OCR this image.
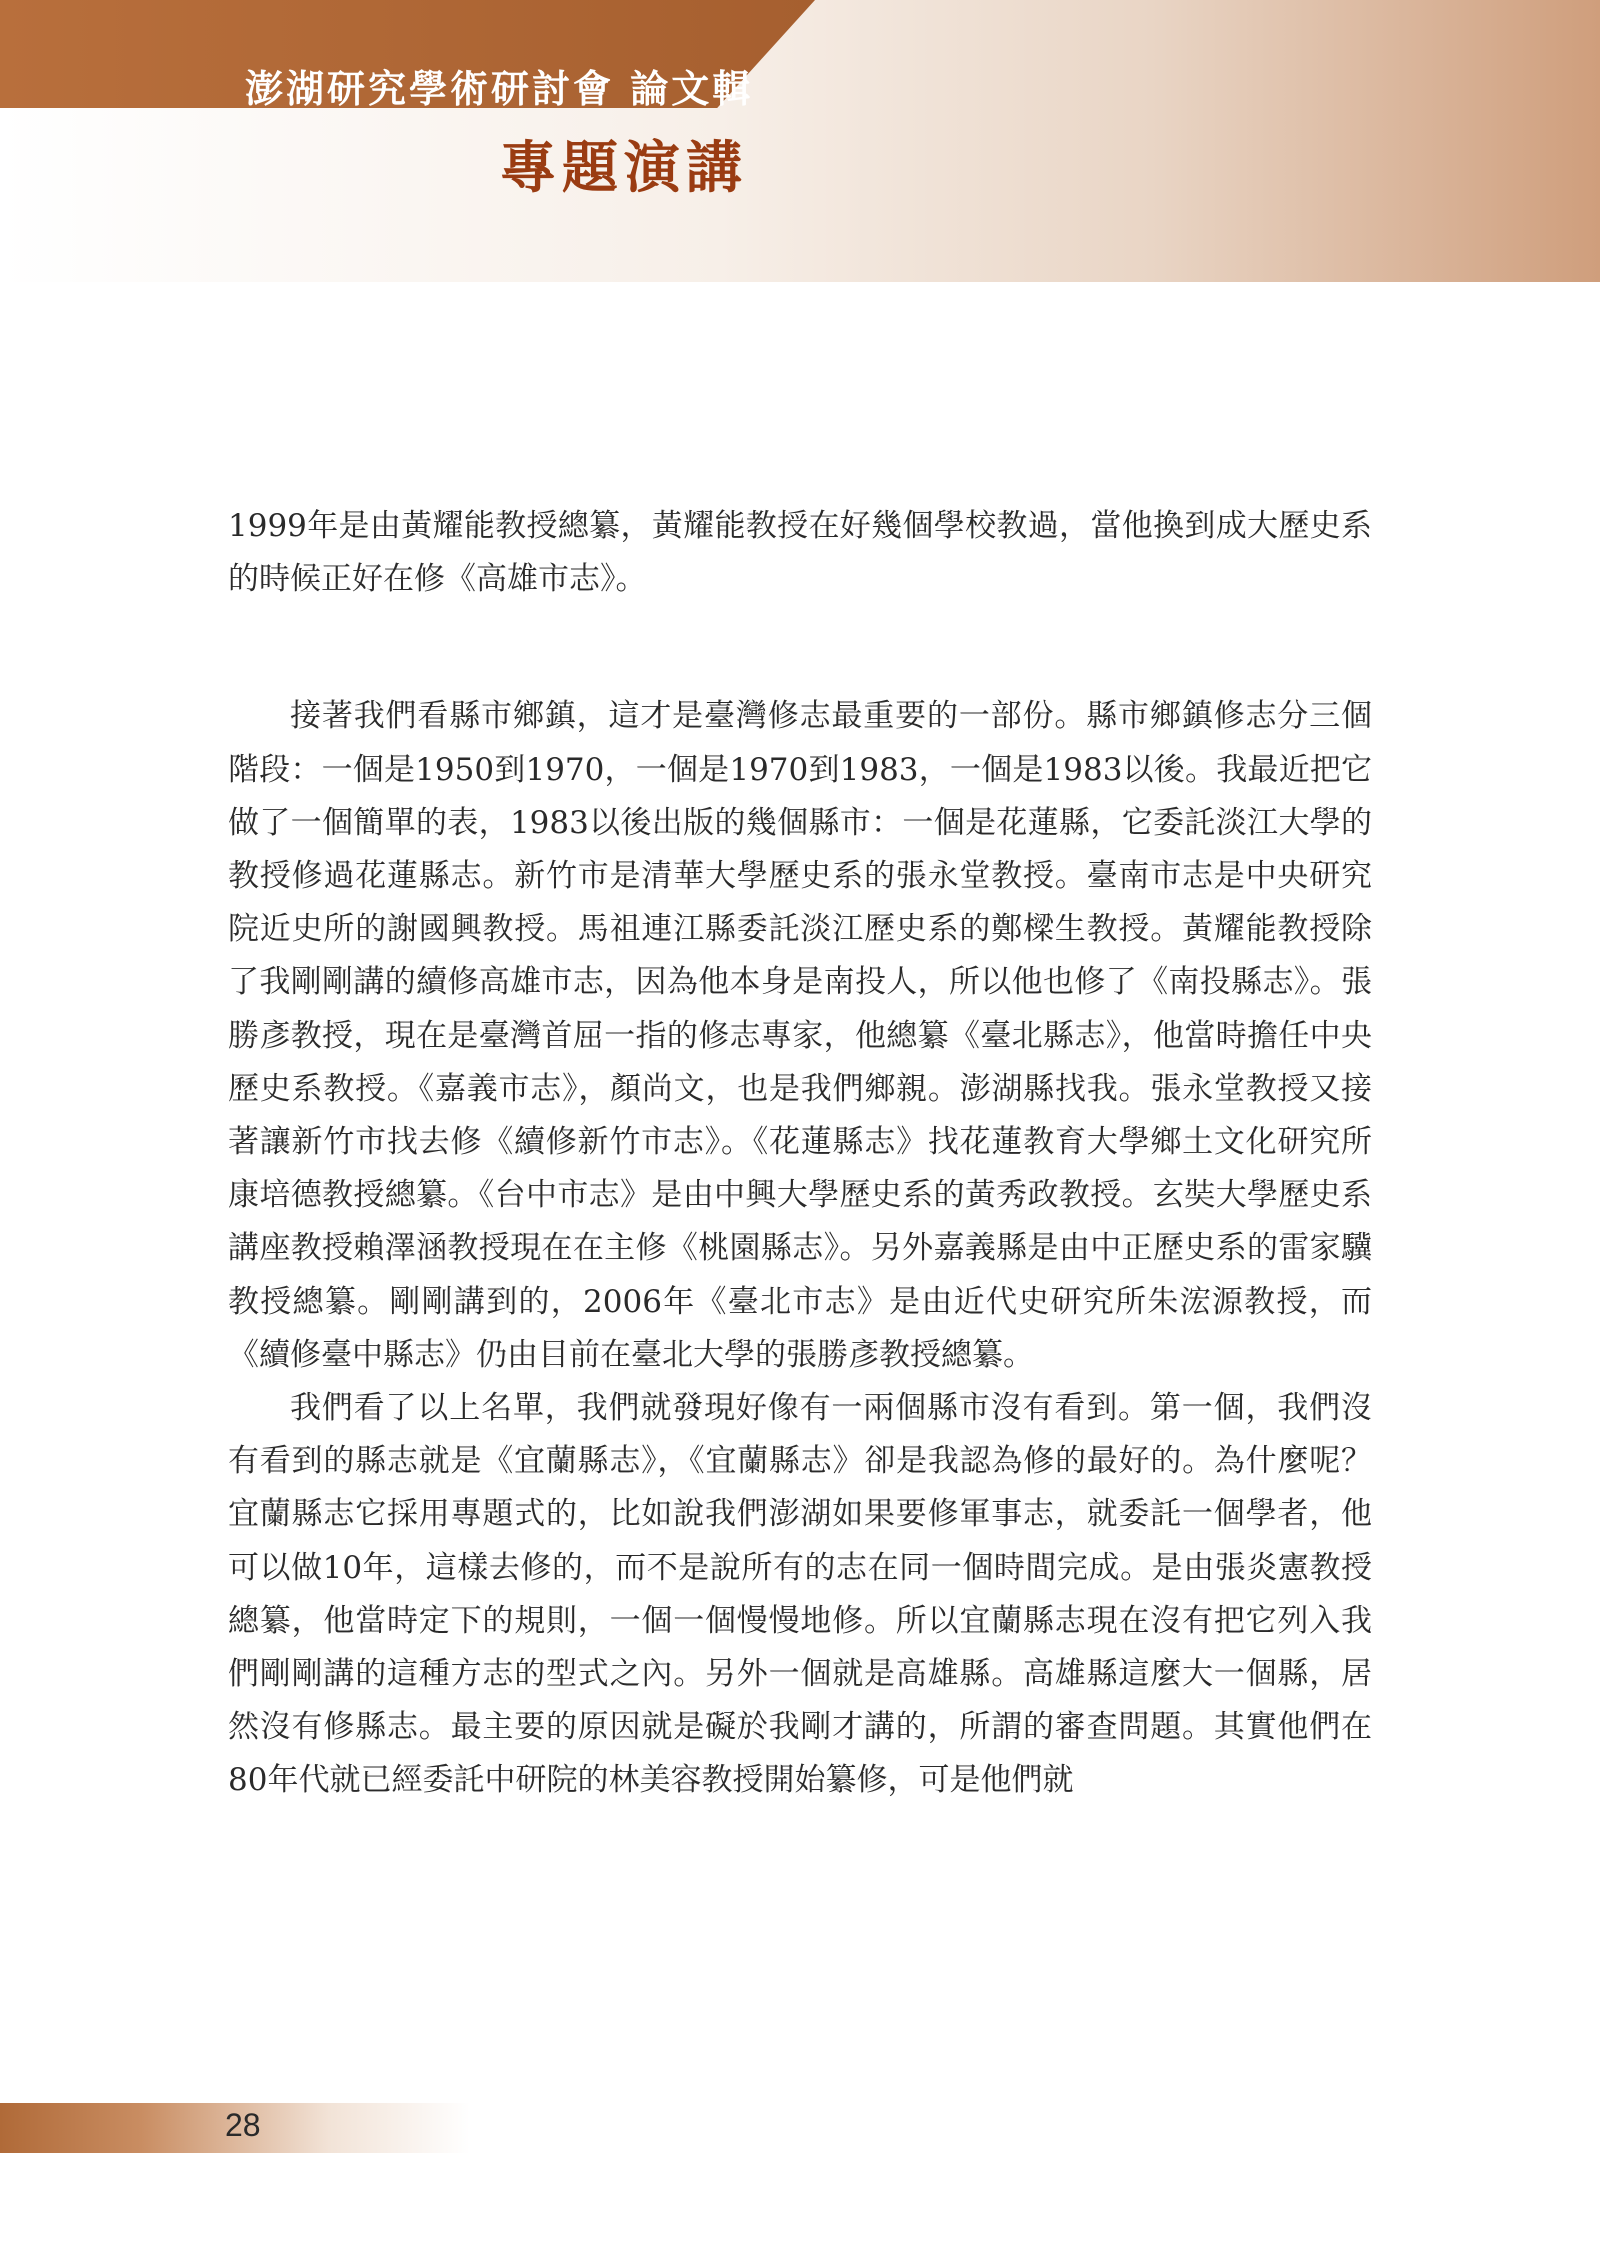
澎湖研究學術研討會 論文輯
專題演講

1999年是由黃耀能教授總纂，黃耀能教授在好幾個學校教過，當他換到成大歷史系的時候正好在修《高雄市志》。

接著我們看縣市鄉鎮，這才是臺灣修志最重要的一部份。縣市鄉鎮修志分三個階段：一個是1950到1970，一個是1970到1983，一個是1983以後。我最近把它做了一個簡單的表，1983以後出版的幾個縣市：一個是花蓮縣，它委託淡江大學的教授修過花蓮縣志。新竹市是清華大學歷史系的張永堂教授。臺南市志是中央研究院近史所的謝國興教授。馬祖連江縣委託淡江歷史系的鄭樑生教授。黃耀能教授除了我剛剛講的續修高雄市志，因為他本身是南投人，所以他也修了《南投縣志》。張勝彥教授，現在是臺灣首屈一指的修志專家，他總纂《臺北縣志》，他當時擔任中央歷史系教授。《嘉義市志》，顏尚文，也是我們鄉親。澎湖縣找我。張永堂教授又接著讓新竹市找去修《續修新竹市志》。《花蓮縣志》找花蓮教育大學鄉土文化研究所康培德教授總纂。《台中市志》是由中興大學歷史系的黃秀政教授。玄奘大學歷史系講座教授賴澤涵教授現在在主修《桃園縣志》。另外嘉義縣是由中正歷史系的雷家驥教授總纂。剛剛講到的，2006年《臺北市志》是由近代史研究所朱浤源教授，而《續修臺中縣志》仍由目前在臺北大學的張勝彥教授總纂。

我們看了以上名單，我們就發現好像有一兩個縣市沒有看到。第一個，我們沒有看到的縣志就是《宜蘭縣志》，《宜蘭縣志》卻是我認為修的最好的。為什麼呢？宜蘭縣志它採用專題式的，比如說我們澎湖如果要修軍事志，就委託一個學者，他可以做10年，這樣去修的，而不是說所有的志在同一個時間完成。是由張炎憲教授總纂，他當時定下的規則，一個一個慢慢地修。所以宜蘭縣志現在沒有把它列入我們剛剛講的這種方志的型式之內。另外一個就是高雄縣。高雄縣這麼大一個縣，居然沒有修縣志。最主要的原因就是礙於我剛才講的，所謂的審查問題。其實他們在80年代就已經委託中研院的林美容教授開始纂修，可是他們就

28
